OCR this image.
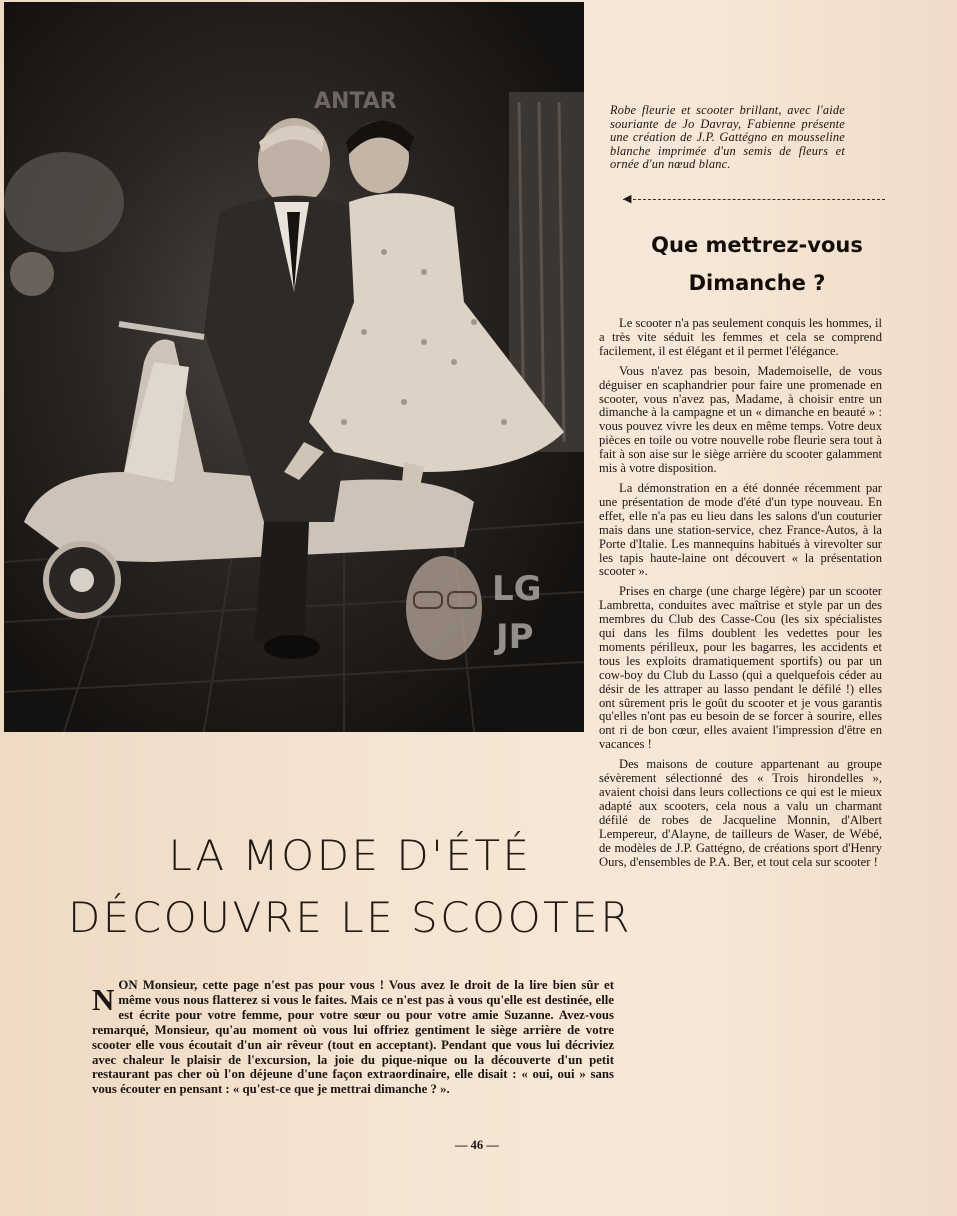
ANTAR
LG
JP
Robe fleurie et scooter brillant, avec l'aide souriante de Jo Davray, Fabienne présente une création de J.P. Gattégno en mousseline blanche imprimée d'un semis de fleurs et ornée d'un nœud blanc.
◀
Que mettrez-vous
Dimanche ?

Le scooter n'a pas seulement conquis les hommes, il a très vite séduit les femmes et cela se comprend facilement, il est élégant et il permet l'élégance.

Vous n'avez pas besoin, Mademoiselle, de vous déguiser en scaphandrier pour faire une promenade en scooter, vous n'avez pas, Madame, à choisir entre un dimanche à la campagne et un « dimanche en beauté » : vous pouvez vivre les deux en même temps. Votre deux pièces en toile ou votre nouvelle robe fleurie sera tout à fait à son aise sur le siège arrière du scooter galamment mis à votre disposition.

La démonstration en a été donnée récemment par une présentation de mode d'été d'un type nouveau. En effet, elle n'a pas eu lieu dans les salons d'un couturier mais dans une station-service, chez France-Autos, à la Porte d'Italie. Les mannequins habitués à virevolter sur les tapis haute-laine ont découvert « la présentation scooter ».

Prises en charge (une charge légère) par un scooter Lambretta, conduites avec maîtrise et style par un des membres du Club des Casse-Cou (les six spécialistes qui dans les films doublent les vedettes pour les moments périlleux, pour les bagarres, les accidents et tous les exploits dramatiquement sportifs) ou par un cow-boy du Club du Lasso (qui a quelquefois céder au désir de les attraper au lasso pendant le défilé !) elles ont sûrement pris le goût du scooter et je vous garantis qu'elles n'ont pas eu besoin de se forcer à sourire, elles ont ri de bon cœur, elles avaient l'impression d'être en vacances !

Des maisons de couture appartenant au groupe sévèrement sélectionné des « Trois hirondelles », avaient choisi dans leurs collections ce qui est le mieux adapté aux scooters, cela nous a valu un charmant défilé de robes de Jacqueline Monnin, d'Albert Lempereur, d'Alayne, de tailleurs de Waser, de Wébé, de modèles de J.P. Gattégno, de créations sport d'Henry Ours, d'ensembles de P.A. Ber, et tout cela sur scooter !

LA MODE D'ÉTÉ
DÉCOUVRE LE SCOOTER
NON Monsieur, cette page n'est pas pour vous ! Vous avez le droit de la lire bien sûr et même vous nous flatterez si vous le faites. Mais ce n'est pas à vous qu'elle est destinée, elle est écrite pour votre femme, pour votre sœur ou pour votre amie Suzanne. Avez-vous remarqué, Monsieur, qu'au moment où vous lui offriez gentiment le siège arrière de votre scooter elle vous écoutait d'un air rêveur (tout en acceptant). Pendant que vous lui décriviez avec chaleur le plaisir de l'excursion, la joie du pique-nique ou la découverte d'un petit restaurant pas cher où l'on déjeune d'une façon extraordinaire, elle disait : « oui, oui » sans vous écouter en pensant : « qu'est-ce que je mettrai dimanche ? ».
— 46 —
